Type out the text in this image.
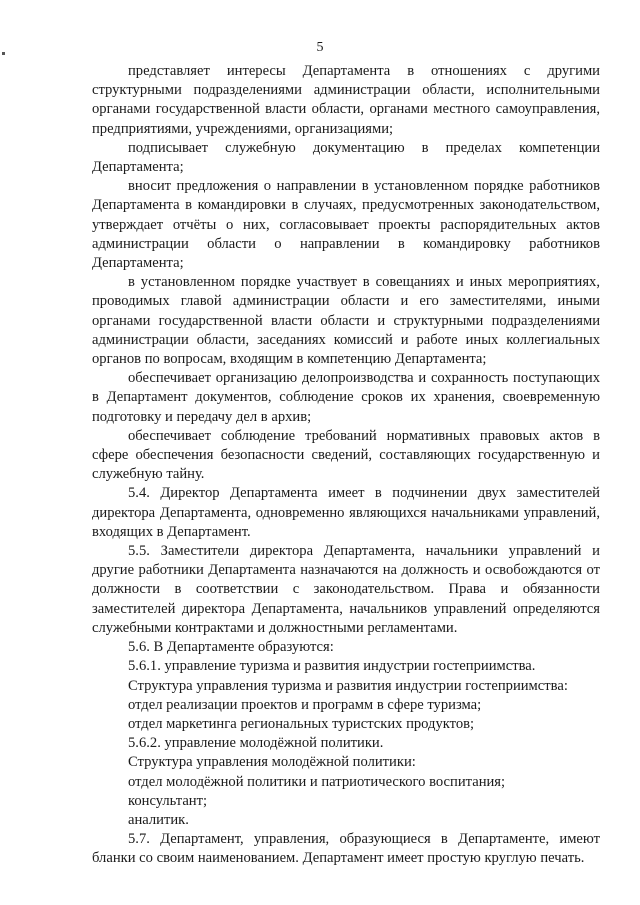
5

представляет интересы Департамента в отношениях с другими структурными подразделениями администрации области, исполнительными органами государственной власти области, органами местного самоуправления, предприятиями, учреждениями, организациями;

подписывает служебную документацию в пределах компетенции Департамента;

вносит предложения о направлении в установленном порядке работников Департамента в командировки в случаях, предусмотренных законодательством, утверждает отчёты о них, согласовывает проекты распорядительных актов администрации области о направлении в командировку работников Департамента;

в установленном порядке участвует в совещаниях и иных мероприятиях, проводимых главой администрации области и его заместителями, иными органами государственной власти области и структурными подразделениями администрации области, заседаниях комиссий и работе иных коллегиальных органов по вопросам, входящим в компетенцию Департамента;

обеспечивает организацию делопроизводства и сохранность поступающих в Департамент документов, соблюдение сроков их хранения, своевременную подготовку и передачу дел в архив;

обеспечивает соблюдение требований нормативных правовых актов в сфере обеспечения безопасности сведений, составляющих государственную и служебную тайну.

5.4. Директор Департамента имеет в подчинении двух заместителей директора Департамента, одновременно являющихся начальниками управлений, входящих в Департамент.

5.5. Заместители директора Департамента, начальники управлений и другие работники Департамента назначаются на должность и освобождаются от должности в соответствии с законодательством. Права и обязанности заместителей директора Департамента, начальников управлений определяются служебными контрактами и должностными регламентами.

5.6. В Департаменте образуются:

5.6.1. управление туризма и развития индустрии гостеприимства.

Структура управления туризма и развития индустрии гостеприимства:

отдел реализации проектов и программ в сфере туризма;

отдел маркетинга региональных туристских продуктов;

5.6.2. управление молодёжной политики.

Структура управления молодёжной политики:

отдел молодёжной политики и патриотического воспитания;

консультант;

аналитик.

5.7. Департамент, управления, образующиеся в Департаменте, имеют бланки со своим наименованием. Департамент имеет простую круглую печать.
